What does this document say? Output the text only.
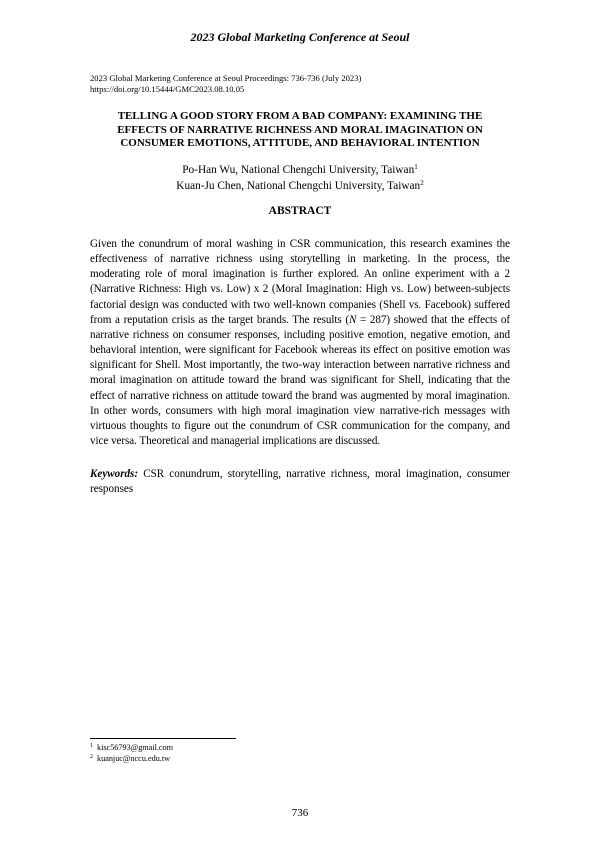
2023 Global Marketing Conference at Seoul
2023 Global Marketing Conference at Seoul Proceedings: 736-736 (July 2023)
https://doi.org/10.15444/GMC2023.08.10.05
TELLING A GOOD STORY FROM A BAD COMPANY: EXAMINING THE
EFFECTS OF NARRATIVE RICHNESS AND MORAL IMAGINATION ON
CONSUMER EMOTIONS, ATTITUDE, AND BEHAVIORAL INTENTION
Po-Han Wu, National Chengchi University, Taiwan$^1$
Kuan-Ju Chen, National Chengchi University, Taiwan$^2$
ABSTRACT
Given the conundrum of moral washing in CSR communication, this research examines the effectiveness of narrative richness using storytelling in marketing. In the process, the moderating role of moral imagination is further explored. An online experiment with a 2 (Narrative Richness: High vs. Low) x 2 (Moral Imagination: High vs. Low) between-subjects factorial design was conducted with two well-known companies (Shell vs. Facebook) suffered from a reputation crisis as the target brands. The results (N = 287) showed that the effects of narrative richness on consumer responses, including positive emotion, negative emotion, and behavioral intention, were significant for Facebook whereas its effect on positive emotion was significant for Shell. Most importantly, the two-way interaction between narrative richness and moral imagination on attitude toward the brand was significant for Shell, indicating that the effect of narrative richness on attitude toward the brand was augmented by moral imagination. In other words, consumers with high moral imagination view narrative-rich messages with virtuous thoughts to figure out the conundrum of CSR communication for the company, and vice versa. Theoretical and managerial implications are discussed.
Keywords: CSR conundrum, storytelling, narrative richness, moral imagination, consumer responses
$^1$ kisc56793@gmail.com
$^2$ kuanjuc@nccu.edu.tw
736
